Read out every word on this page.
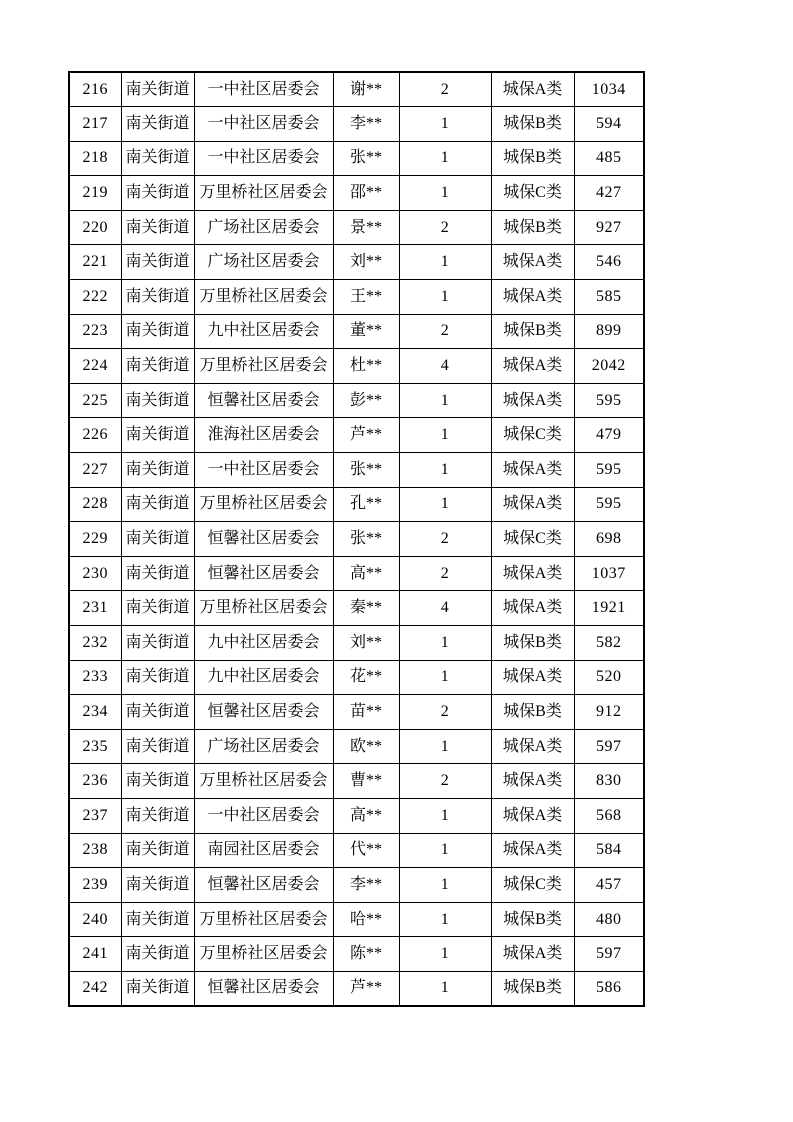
216	南关街道	一中社区居委会	谢**	2	城保A类	1034
217	南关街道	一中社区居委会	李**	1	城保B类	594
218	南关街道	一中社区居委会	张**	1	城保B类	485
219	南关街道	万里桥社区居委会	邵**	1	城保C类	427
220	南关街道	广场社区居委会	景**	2	城保B类	927
221	南关街道	广场社区居委会	刘**	1	城保A类	546
222	南关街道	万里桥社区居委会	王**	1	城保A类	585
223	南关街道	九中社区居委会	董**	2	城保B类	899
224	南关街道	万里桥社区居委会	杜**	4	城保A类	2042
225	南关街道	恒馨社区居委会	彭**	1	城保A类	595
226	南关街道	淮海社区居委会	芦**	1	城保C类	479
227	南关街道	一中社区居委会	张**	1	城保A类	595
228	南关街道	万里桥社区居委会	孔**	1	城保A类	595
229	南关街道	恒馨社区居委会	张**	2	城保C类	698
230	南关街道	恒馨社区居委会	高**	2	城保A类	1037
231	南关街道	万里桥社区居委会	秦**	4	城保A类	1921
232	南关街道	九中社区居委会	刘**	1	城保B类	582
233	南关街道	九中社区居委会	花**	1	城保A类	520
234	南关街道	恒馨社区居委会	苗**	2	城保B类	912
235	南关街道	广场社区居委会	欧**	1	城保A类	597
236	南关街道	万里桥社区居委会	曹**	2	城保A类	830
237	南关街道	一中社区居委会	高**	1	城保A类	568
238	南关街道	南园社区居委会	代**	1	城保A类	584
239	南关街道	恒馨社区居委会	李**	1	城保C类	457
240	南关街道	万里桥社区居委会	哈**	1	城保B类	480
241	南关街道	万里桥社区居委会	陈**	1	城保A类	597
242	南关街道	恒馨社区居委会	芦**	1	城保B类	586
